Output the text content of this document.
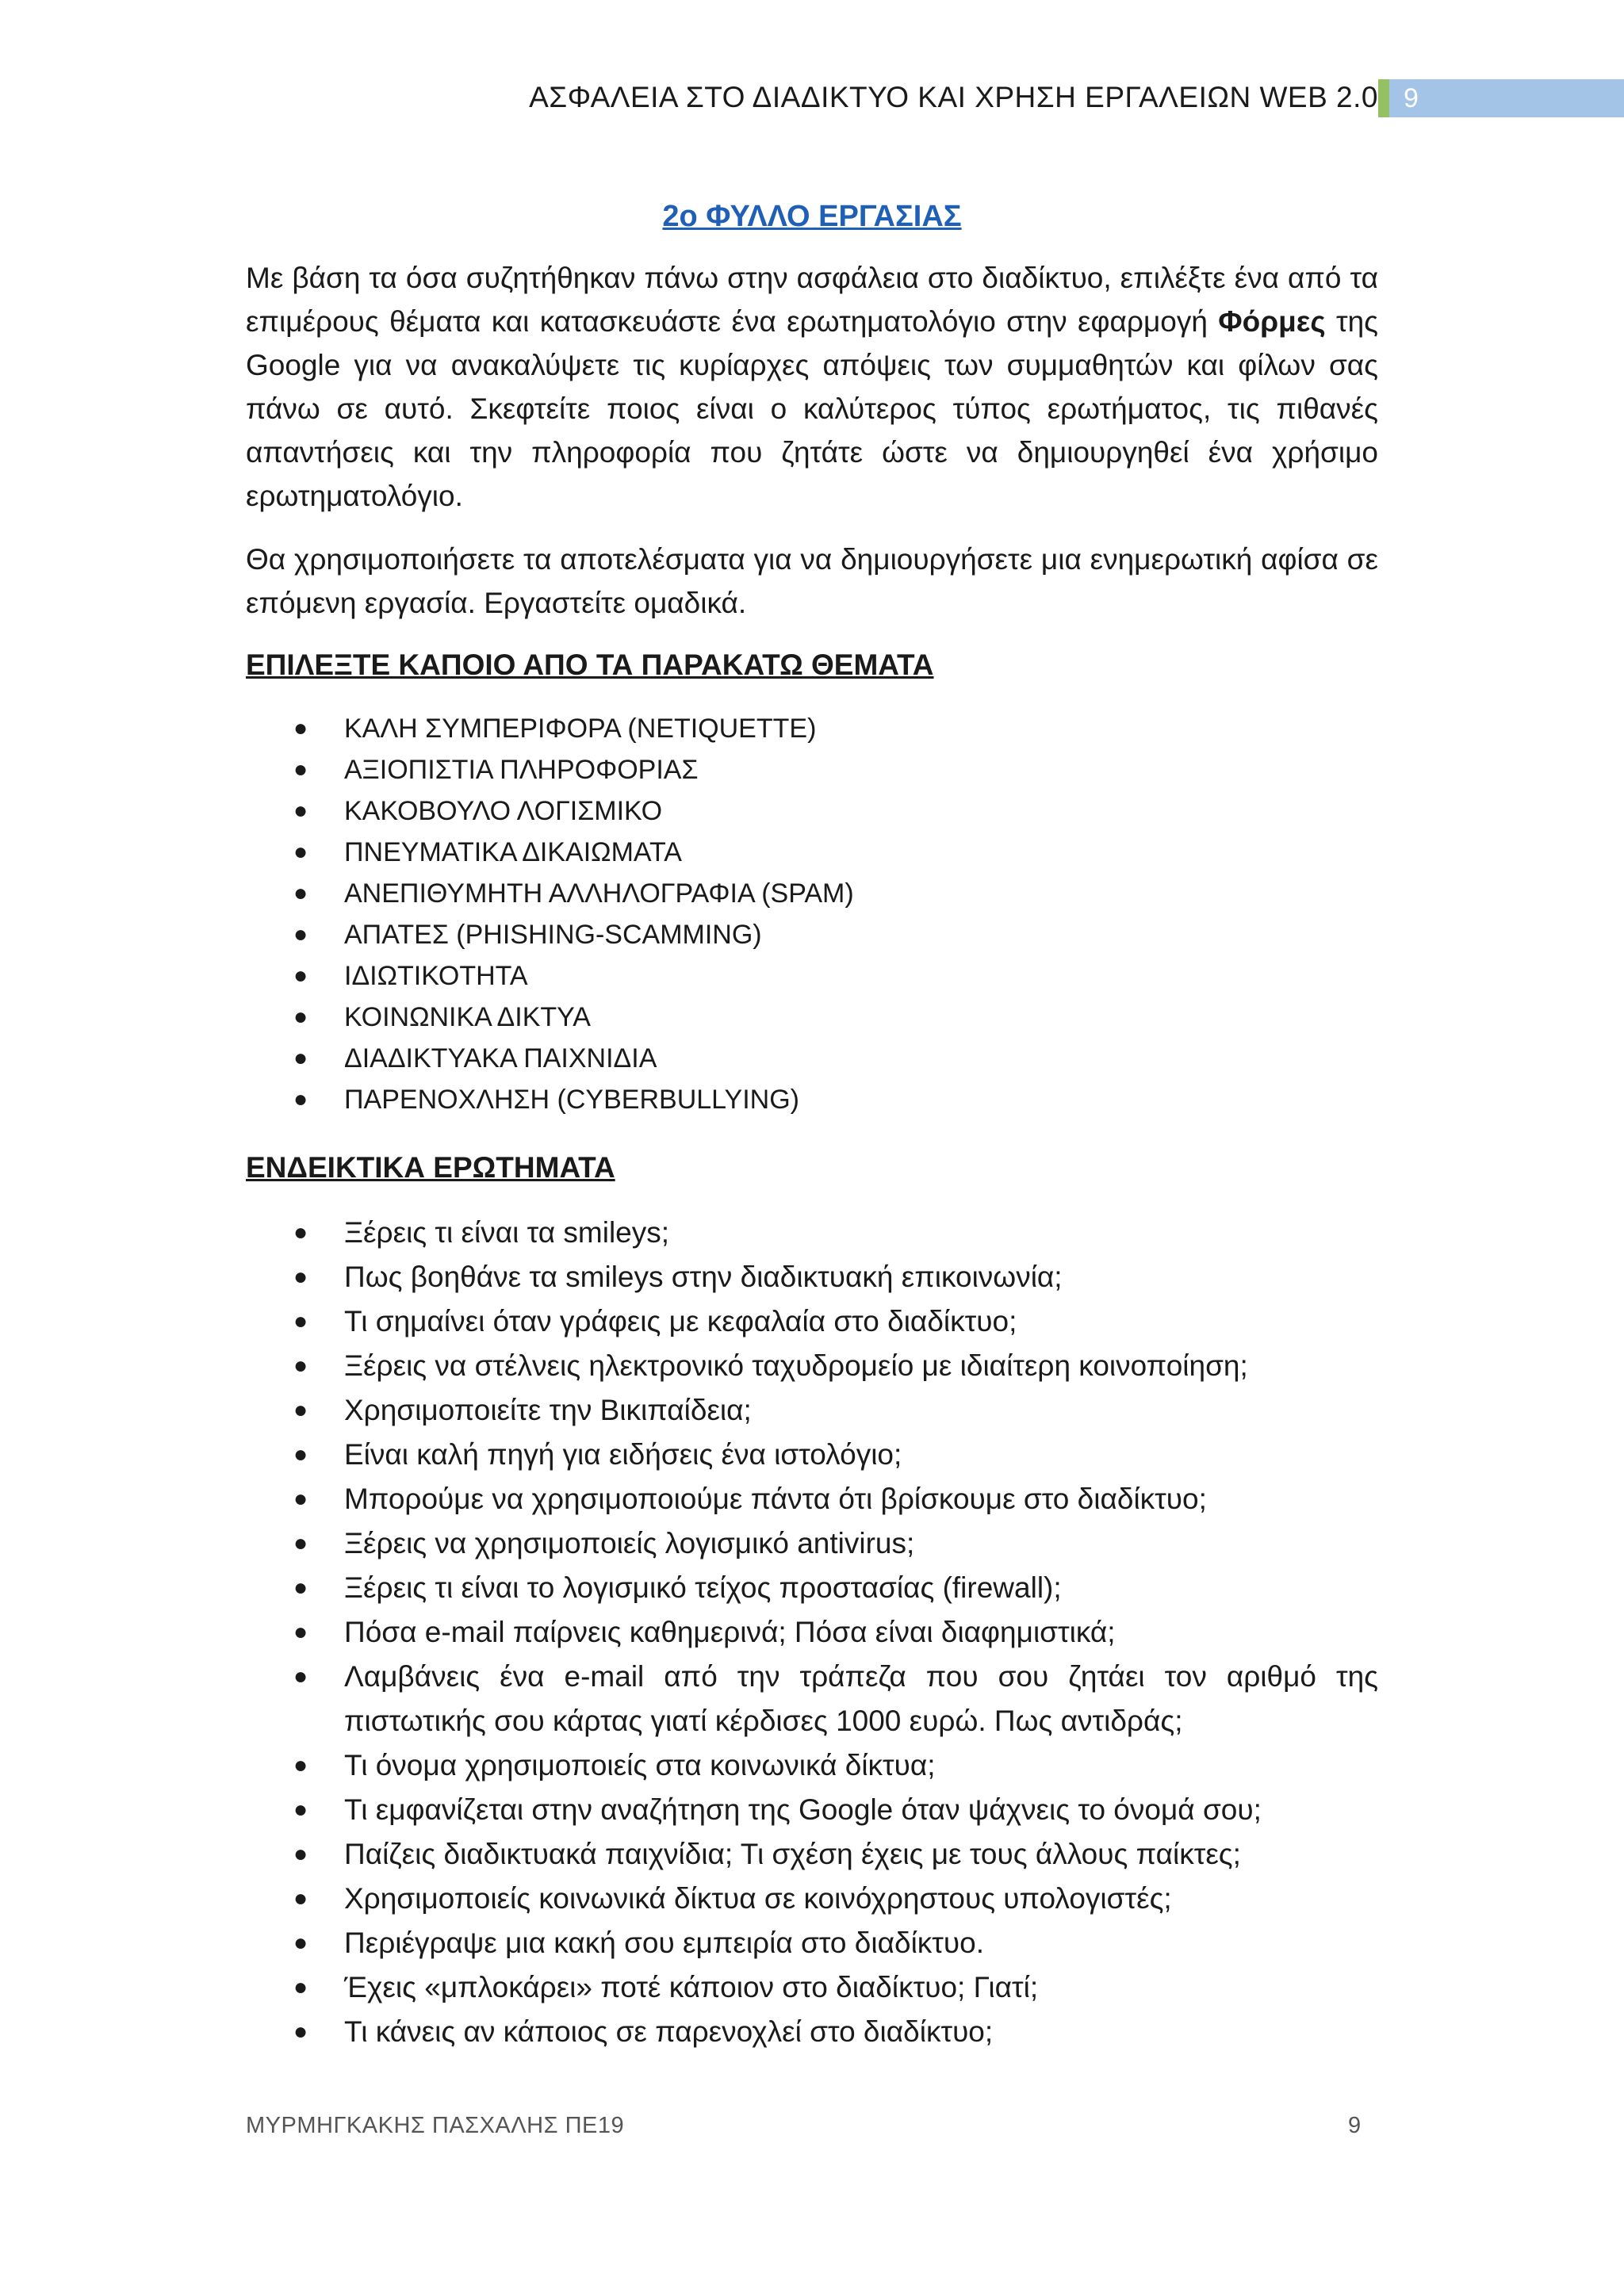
ΑΣΦΑΛΕΙΑ ΣΤΟ ΔΙΑΔΙΚΤΥΟ ΚΑΙ ΧΡΗΣΗ ΕΡΓΑΛΕΙΩΝ WEB 2.0 9
2ο ΦΥΛΛΟ ΕΡΓΑΣΙΑΣ

Με βάση τα όσα συζητήθηκαν πάνω στην ασφάλεια στο διαδίκτυο, επιλέξτε ένα από τα επιμέρους θέματα και κατασκευάστε ένα ερωτηματολόγιο στην εφαρμογή Φόρμες της Google για να ανακαλύψετε τις κυρίαρχες απόψεις των συμμαθητών και φίλων σας πάνω σε αυτό. Σκεφτείτε ποιος είναι ο καλύτερος τύπος ερωτήματος, τις πιθανές απαντήσεις και την πληροφορία που ζητάτε ώστε να δημιουργηθεί ένα χρήσιμο ερωτηματολόγιο.

Θα χρησιμοποιήσετε τα αποτελέσματα για να δημιουργήσετε μια ενημερωτική αφίσα σε επόμενη εργασία. Εργαστείτε ομαδικά.

ΕΠΙΛΕΞΤΕ ΚΑΠΟΙΟ ΑΠΟ ΤΑ ΠΑΡΑΚΑΤΩ ΘΕΜΑΤΑ
● ΚΑΛΗ ΣΥΜΠΕΡΙΦΟΡΑ (NETIQUETTE)
● ΑΞΙΟΠΙΣΤΙΑ ΠΛΗΡΟΦΟΡΙΑΣ
● ΚΑΚΟΒΟΥΛΟ ΛΟΓΙΣΜΙΚΟ
● ΠΝΕΥΜΑΤΙΚΑ ΔΙΚΑΙΩΜΑΤΑ
● ΑΝΕΠΙΘΥΜΗΤΗ ΑΛΛΗΛΟΓΡΑΦΙΑ (SPAM)
● ΑΠΑΤΕΣ (PHISHING-SCAMMING)
● ΙΔΙΩΤΙΚΟΤΗΤΑ
● ΚΟΙΝΩΝΙΚΑ ΔΙΚΤΥΑ
● ΔΙΑΔΙΚΤΥΑΚΑ ΠΑΙΧΝΙΔΙΑ
● ΠΑΡΕΝΟΧΛΗΣΗ (CYBERBULLYING)
ΕΝΔΕΙΚΤΙΚΑ ΕΡΩΤΗΜΑΤΑ
● Ξέρεις τι είναι τα smileys;
● Πως βοηθάνε τα smileys στην διαδικτυακή επικοινωνία;
● Τι σημαίνει όταν γράφεις με κεφαλαία στο διαδίκτυο;
● Ξέρεις να στέλνεις ηλεκτρονικό ταχυδρομείο με ιδιαίτερη κοινοποίηση;
● Χρησιμοποιείτε την Βικιπαίδεια;
● Είναι καλή πηγή για ειδήσεις ένα ιστολόγιο;
● Μπορούμε να χρησιμοποιούμε πάντα ότι βρίσκουμε στο διαδίκτυο;
● Ξέρεις να χρησιμοποιείς λογισμικό antivirus;
● Ξέρεις τι είναι το λογισμικό τείχος προστασίας (firewall);
● Πόσα e-mail παίρνεις καθημερινά; Πόσα είναι διαφημιστικά;
● Λαμβάνεις ένα e-mail από την τράπεζα που σου ζητάει τον αριθμό της πιστωτικής σου κάρτας γιατί κέρδισες 1000 ευρώ. Πως αντιδράς;
● Τι όνομα χρησιμοποιείς στα κοινωνικά δίκτυα;
● Τι εμφανίζεται στην αναζήτηση της Google όταν ψάχνεις το όνομά σου;
● Παίζεις διαδικτυακά παιχνίδια; Τι σχέση έχεις με τους άλλους παίκτες;
● Χρησιμοποιείς κοινωνικά δίκτυα σε κοινόχρηστους υπολογιστές;
● Περιέγραψε μια κακή σου εμπειρία στο διαδίκτυο.
● Έχεις «μπλοκάρει» ποτέ κάποιον στο διαδίκτυο; Γιατί;
● Τι κάνεις αν κάποιος σε παρενοχλεί στο διαδίκτυο;
ΜΥΡΜΗΓΚΑΚΗΣ ΠΑΣΧΑΛΗΣ ΠΕ19	9
